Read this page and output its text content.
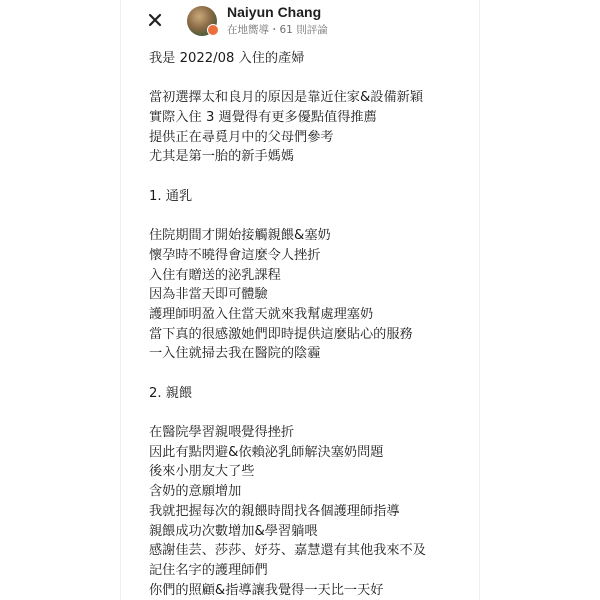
Naiyun Chang
在地嚮導・61 則評論
我是 2022/08 入住的產婦
當初選擇太和良月的原因是靠近住家&設備新穎
實際入住 3 週覺得有更多優點值得推薦
提供正在尋覓月中的父母們參考
尤其是第一胎的新手媽媽
1. 通乳
住院期間才開始接觸親餵&塞奶
懷孕時不曉得會這麼令人挫折
入住有贈送的泌乳課程
因為非當天即可體驗
護理師明盈入住當天就來我幫處理塞奶
當下真的很感激她們即時提供這麼貼心的服務
一入住就掃去我在醫院的陰霾
2. 親餵
在醫院學習親喂覺得挫折
因此有點閃避&依賴泌乳師解決塞奶問題
後來小朋友大了些
含奶的意願增加
我就把握每次的親餵時間找各個護理師指導
親餵成功次數增加&學習躺喂
感謝佳芸、莎莎、妤芬、嘉慧還有其他我來不及
記住名字的護理師們
你們的照顧&指導讓我覺得一天比一天好
